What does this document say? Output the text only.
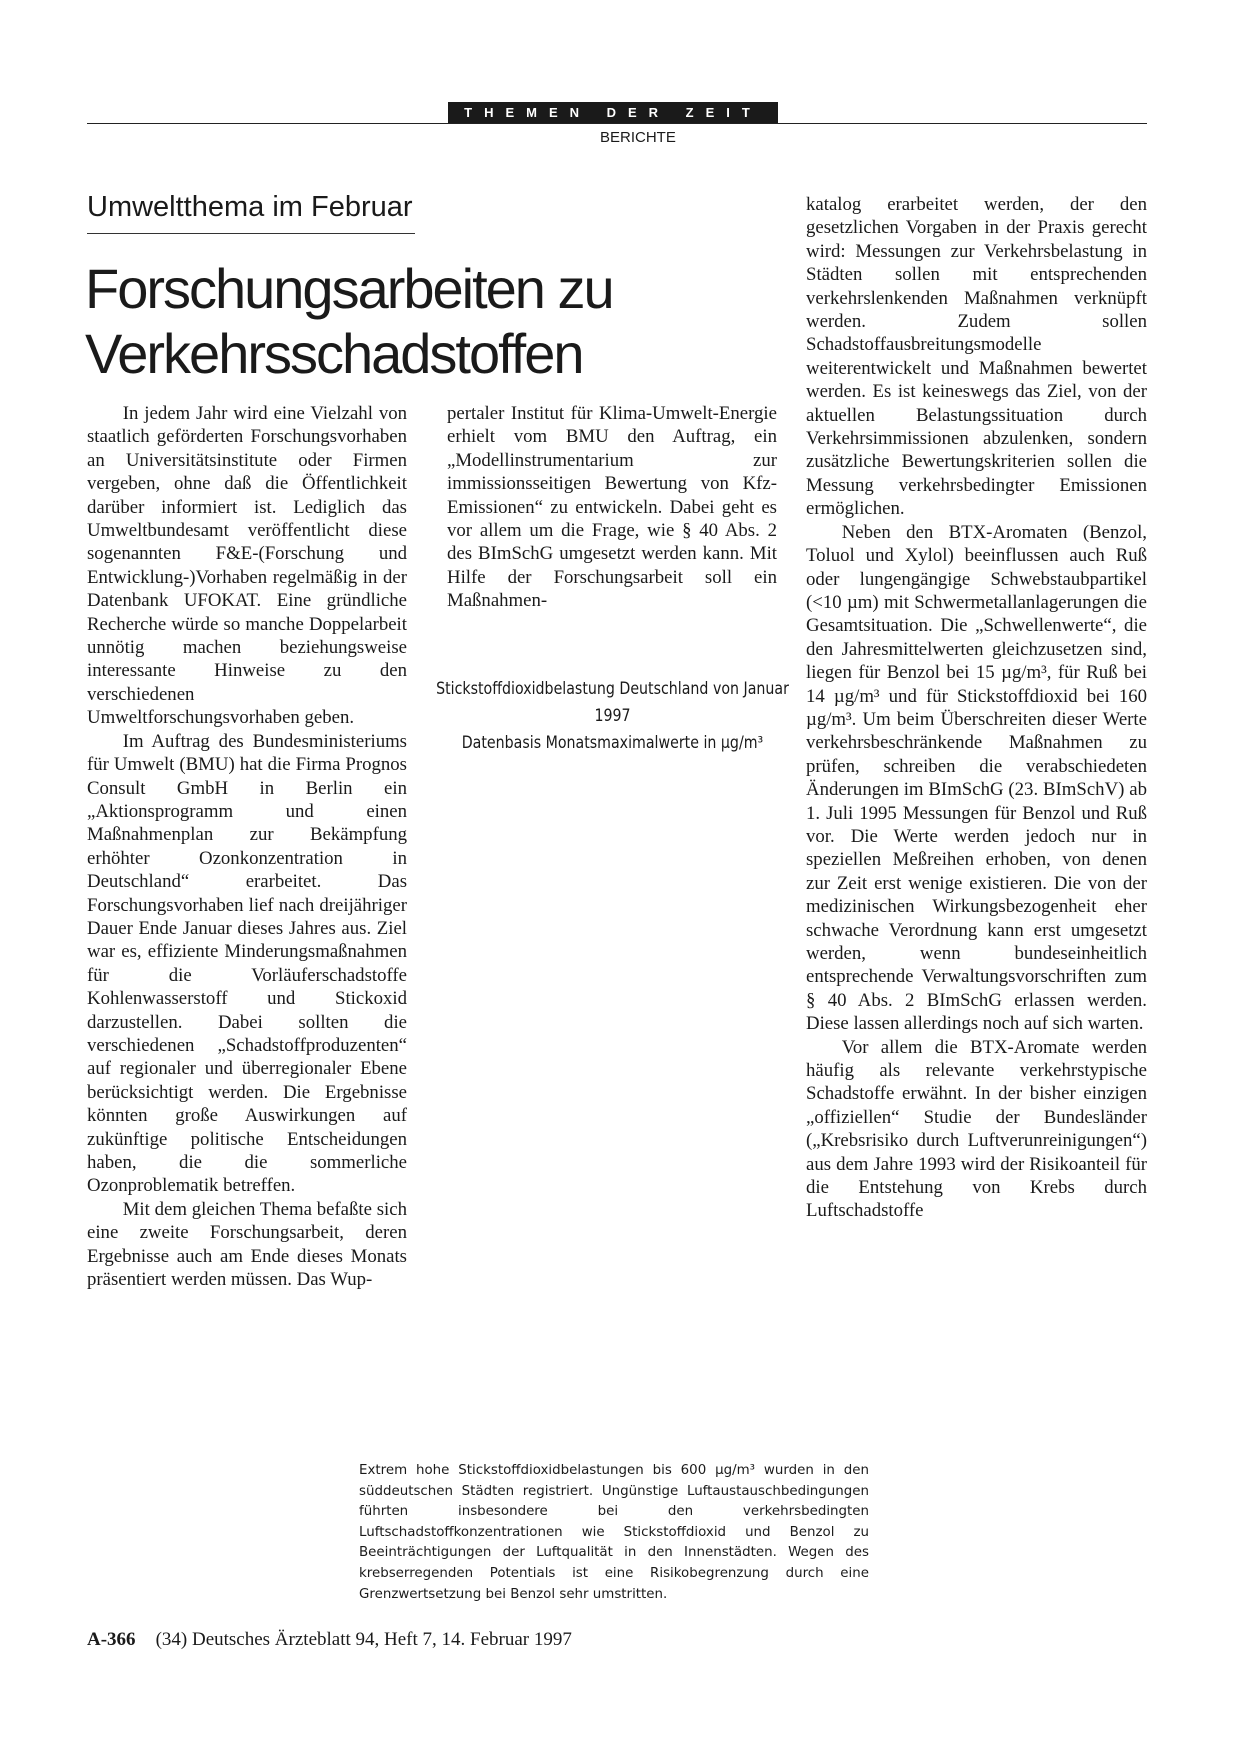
THEMEN DER ZEIT
BERICHTE
Umweltthema im Februar
Forschungsarbeiten zu
Verkehrsschadstoffen

In jedem Jahr wird eine Vielzahl von staatlich geförderten Forschungsvorhaben an Universitätsinstitute oder Firmen vergeben, ohne daß die Öffentlichkeit darüber informiert ist. Lediglich das Umweltbundesamt veröffentlicht diese sogenannten F&E-(Forschung und Entwicklung-)Vorhaben regelmäßig in der Datenbank UFOKAT. Eine gründliche Recherche würde so manche Doppelarbeit unnötig machen beziehungsweise interessante Hinweise zu den verschiedenen Umweltforschungsvorhaben geben.

Im Auftrag des Bundesministeriums für Umwelt (BMU) hat die Firma Prognos Consult GmbH in Berlin ein „Aktionsprogramm und einen Maßnahmenplan zur Bekämpfung erhöhter Ozonkonzentration in Deutschland“ erarbeitet. Das Forschungsvorhaben lief nach dreijähriger Dauer Ende Januar dieses Jahres aus. Ziel war es, effiziente Minderungsmaßnahmen für die Vorläuferschadstoffe Kohlenwasserstoff und Stickoxid darzustellen. Dabei sollten die verschiedenen „Schadstoffproduzenten“ auf regionaler und überregionaler Ebene berücksichtigt werden. Die Ergebnisse könnten große Auswirkungen auf zukünftige politische Entscheidungen haben, die die sommerliche Ozonproblematik betreffen.

Mit dem gleichen Thema befaßte sich eine zweite Forschungsarbeit, deren Ergebnisse auch am Ende dieses Monats präsentiert werden müssen. Das Wup-

pertaler Institut für Klima-Umwelt-Energie erhielt vom BMU den Auftrag, ein „Modellinstrumentarium zur immissionsseitigen Bewertung von Kfz-Emissionen“ zu entwickeln. Dabei geht es vor allem um die Frage, wie § 40 Abs. 2 des BImSchG umgesetzt werden kann. Mit Hilfe der Forschungsarbeit soll ein Maßnahmen-

katalog erarbeitet werden, der den gesetzlichen Vorgaben in der Praxis gerecht wird: Messungen zur Verkehrsbelastung in Städten sollen mit entsprechenden verkehrslenkenden Maßnahmen verknüpft werden. Zudem sollen Schadstoffausbreitungsmodelle weiterentwickelt und Maßnahmen bewertet werden. Es ist keineswegs das Ziel, von der aktuellen Belastungssituation durch Verkehrsimmissionen abzulenken, sondern zusätzliche Bewertungskriterien sollen die Messung verkehrsbedingter Emissionen ermöglichen.

Neben den BTX-Aromaten (Benzol, Toluol und Xylol) beeinflussen auch Ruß oder lungengängige Schwebstaubpartikel (<10 µm) mit Schwermetallanlagerungen die Gesamtsituation. Die „Schwellenwerte“, die den Jahresmittelwerten gleichzusetzen sind, liegen für Benzol bei 15 µg/m³, für Ruß bei 14 µg/m³ und für Stickstoffdioxid bei 160 µg/m³. Um beim Überschreiten dieser Werte verkehrsbeschränkende Maßnahmen zu prüfen, schreiben die verabschiedeten Änderungen im BImSchG (23. BImSchV) ab 1. Juli 1995 Messungen für Benzol und Ruß vor. Die Werte werden jedoch nur in speziellen Meßreihen erhoben, von denen zur Zeit erst wenige existieren. Die von der medizinischen Wirkungsbezogenheit eher schwache Verordnung kann erst umgesetzt werden, wenn bundeseinheitlich entsprechende Verwaltungsvorschriften zum § 40 Abs. 2 BImSchG erlassen werden. Diese lassen allerdings noch auf sich warten.

Vor allem die BTX-Aromate werden häufig als relevante verkehrstypische Schadstoffe erwähnt. In der bisher einzigen „offiziellen“ Studie der Bundesländer („Krebsrisiko durch Luftverunreinigungen“) aus dem Jahre 1993 wird der Risikoanteil für die Entstehung von Krebs durch Luftschadstoffe

Stickstoffdioxidbelastung Deutschland von Januar 1997
Datenbasis Monatsmaximalwerte in µg/m³
Extrem hohe Stickstoffdioxidbelastungen bis 600 µg/m³ wurden in den süddeutschen Städten registriert. Ungünstige Luftaustauschbedingungen führten insbesondere bei den verkehrsbedingten Luftschadstoffkonzentrationen wie Stickstoffdioxid und Benzol zu Beeinträchtigungen der Luftqualität in den Innenstädten. Wegen des krebserregenden Potentials ist eine Risikobegrenzung durch eine Grenzwertsetzung bei Benzol sehr umstritten.
A-366 (34) Deutsches Ärzteblatt 94, Heft 7, 14. Februar 1997
